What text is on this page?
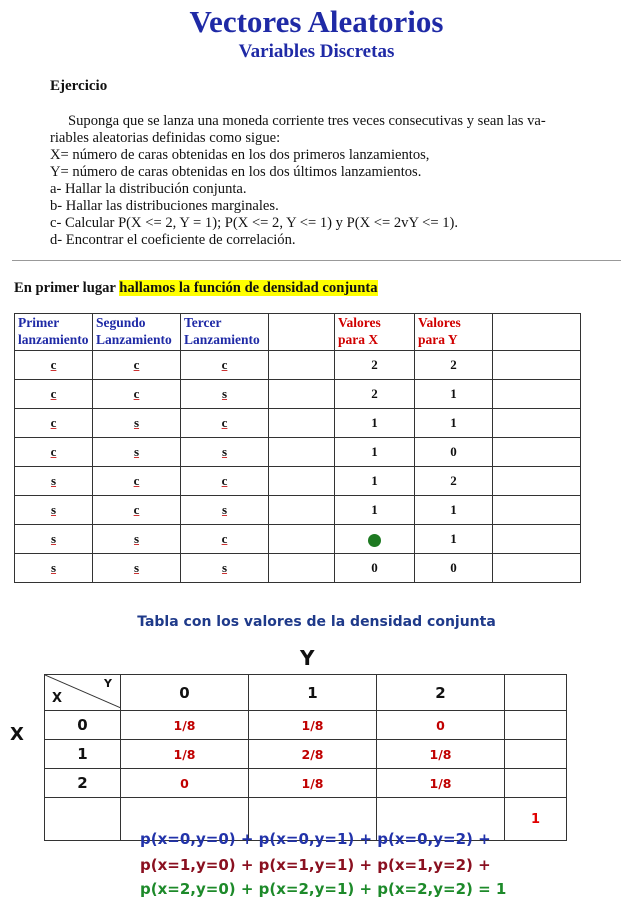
Vectores Aleatorios
Variables Discretas
Ejercicio
Suponga que se lanza una moneda corriente tres veces consecutivas y sean las va-
riables aleatorias definidas como sigue:
X= número de caras obtenidas en los dos primeros lanzamientos,
Y= número de caras obtenidas en los dos últimos lanzamientos.
a- Hallar la distribución conjunta.
b- Hallar las distribuciones marginales.
c- Calcular P(X <= 2, Y = 1); P(X <= 2, Y <= 1) y P(X <= 2vY <= 1).
d- Encontrar el coeficiente de correlación.
En primer lugar hallamos la función de densidad conjunta
Primer lanzamiento	Segundo Lanzamiento	Tercer Lanzamiento		Valores para X	Valores para Y	
c	c	c		2	2	
c	c	s		2	1	
c	s	c		1	1	
c	s	s		1	0	
s	c	c		1	2	
s	c	s		1	1	
s	s	c			1	
s	s	s		0	0	
Tabla con los valores de la densidad conjunta
Y
X
X
Y	0	1	2	
0	1/8	1/8	0	
1	1/8	2/8	1/8	
2	0	1/8	1/8	
				1
p(x=0,y=0) + p(x=0,y=1) + p(x=0,y=2) +
p(x=1,y=0) + p(x=1,y=1) + p(x=1,y=2) +
p(x=2,y=0) + p(x=2,y=1) + p(x=2,y=2) = 1
